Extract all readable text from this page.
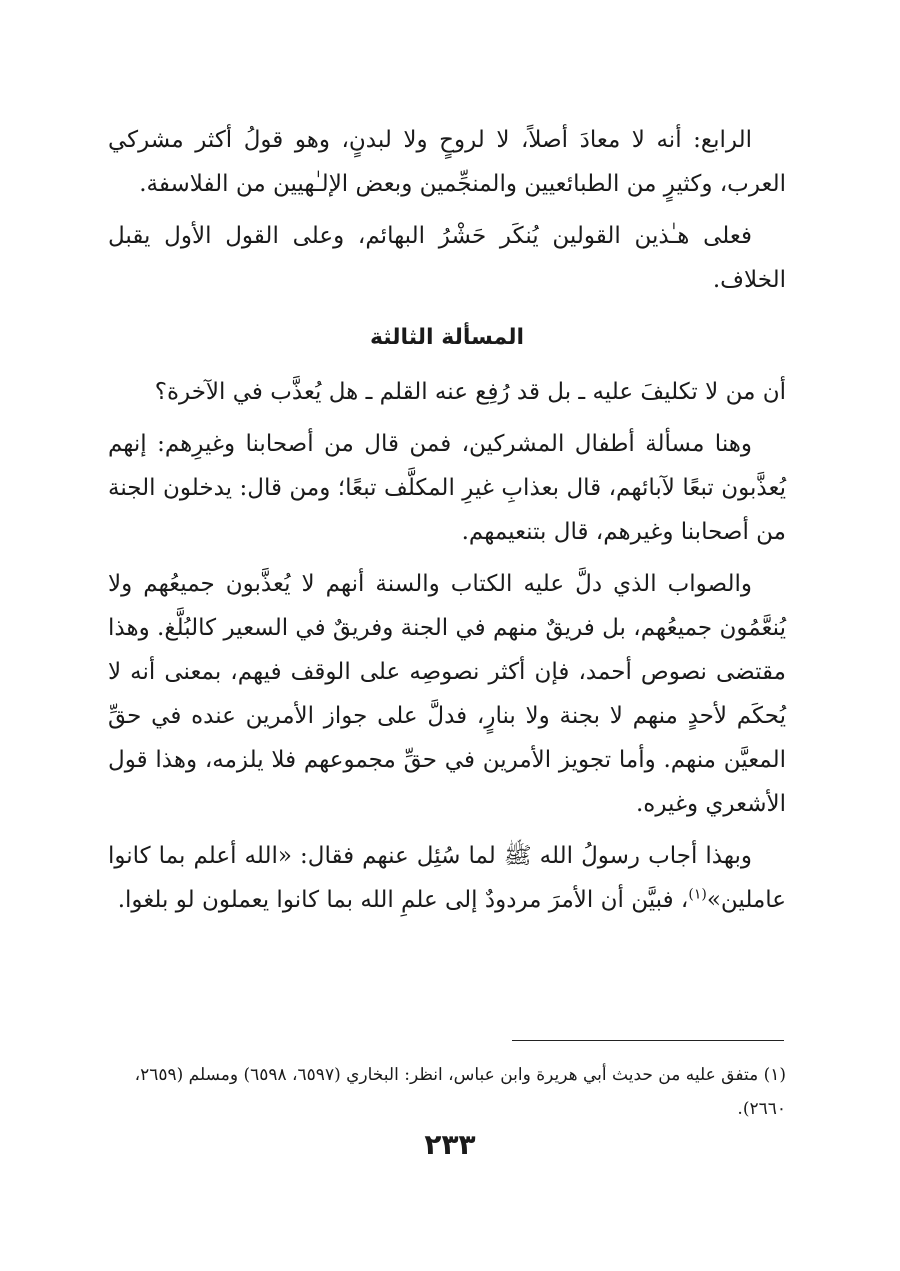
الرابع: أنه لا معادَ أصلاً، لا لروحٍ ولا لبدنٍ، وهو قولُ أكثر مشركي العرب، وكثيرٍ من الطبائعيين والمنجِّمين وبعض الإلـٰهيين من الفلاسفة.

فعلى هـٰذين القولين يُنكَر حَشْرُ البهائم، وعلى القول الأول يقبل الخلاف.

المسألة الثالثة

أن من لا تكليفَ عليه ـ بل قد رُفِع عنه القلم ـ هل يُعذَّب في الآخرة؟

وهنا مسألة أطفال المشركين، فمن قال من أصحابنا وغيرِهم: إنهم يُعذَّبون تبعًا لآبائهم، قال بعذابِ غيرِ المكلَّف تبعًا؛ ومن قال: يدخلون الجنة من أصحابنا وغيرهم، قال بتنعيمهم.

والصواب الذي دلَّ عليه الكتاب والسنة أنهم لا يُعذَّبون جميعُهم ولا يُنعَّمُون جميعُهم، بل فريقٌ منهم في الجنة وفريقٌ في السعير كالبُلَّغ. وهذا مقتضى نصوص أحمد، فإن أكثر نصوصِه على الوقف فيهم، بمعنى أنه لا يُحكَم لأحدٍ منهم لا بجنة ولا بنارٍ، فدلَّ على جواز الأمرين عنده في حقِّ المعيَّن منهم. وأما تجويز الأمرين في حقِّ مجموعهم فلا يلزمه، وهذا قول الأشعري وغيره.

وبهذا أجاب رسولُ الله ﷺ لما سُئِل عنهم فقال: «الله أعلم بما كانوا عاملين»$^{(١)}$، فبيَّن أن الأمرَ مردودٌ إلى علمِ الله بما كانوا يعملون لو بلغوا.

(١) متفق عليه من حديث أبي هريرة وابن عباس، انظر: البخاري (٦٥٩٧، ٦٥٩٨) ومسلم (٢٦٥٩، ٢٦٦٠).
٢٣٣
